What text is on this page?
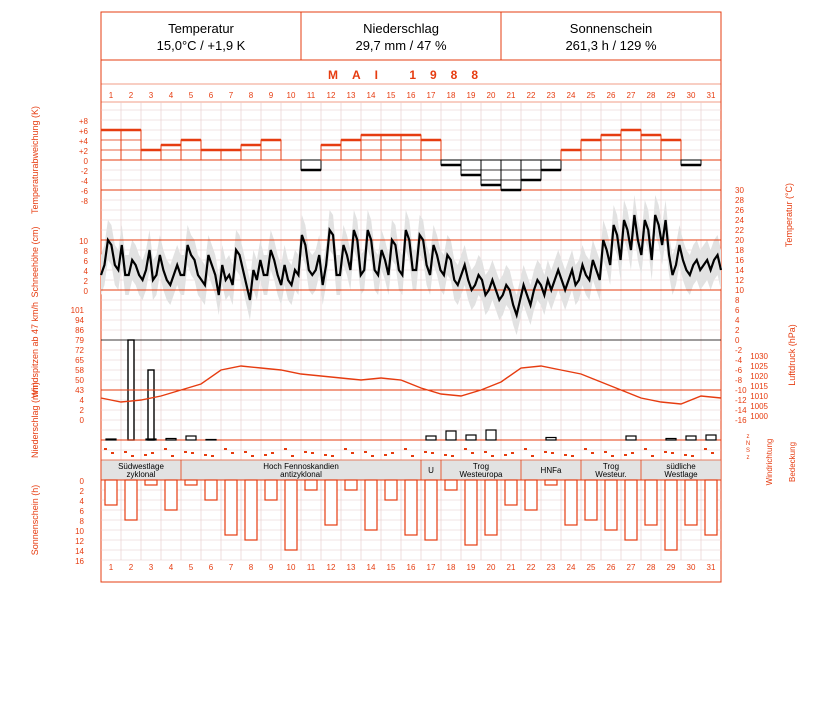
Temperatur
15,0°C / +1,9 K
Niederschlag
29,7 mm / 47 %
Sonnenschein
261,3 h / 129 %
MAI 1988
1
1
2
2
3
3
4
4
5
5
6
6
7
7
8
8
9
9
10
10
11
11
12
12
13
13
14
14
15
15
16
16
17
17
18
18
19
19
20
20
21
21
22
22
23
23
24
24
25
25
26
26
27
27
28
28
29
29
30
30
31
31
+8
+6
+4
+2
0
-2
-4
-6
-8
Temperaturabweichung (K)
10
8
6
4
2
0
30
28
26
24
22
20
18
16
14
12
10
8
6
4
2
0
-2
-4
-6
-8
-10
-12
-14
-16
Schneehöhe (cm)
Temperatur (°C)
101
94
86
79
72
65
58
50
43
Windspitzen ab 47 km/h	1030
1025
1020
1015
1010
1005
1000
Luftdruck (hPa)
4
2
0
Niederschlag (mm)
Südwestlage
zyklonal
Hoch Fennoskandien
antizyklonal	U	Trog
Westeuropa	HNFa	Trog
Westeur.
südliche
Westlage	Windrichtung Bedeckung
z
N
S
z
0
2
4
6
8
10
12
14
16
Sonnenschein (h)
